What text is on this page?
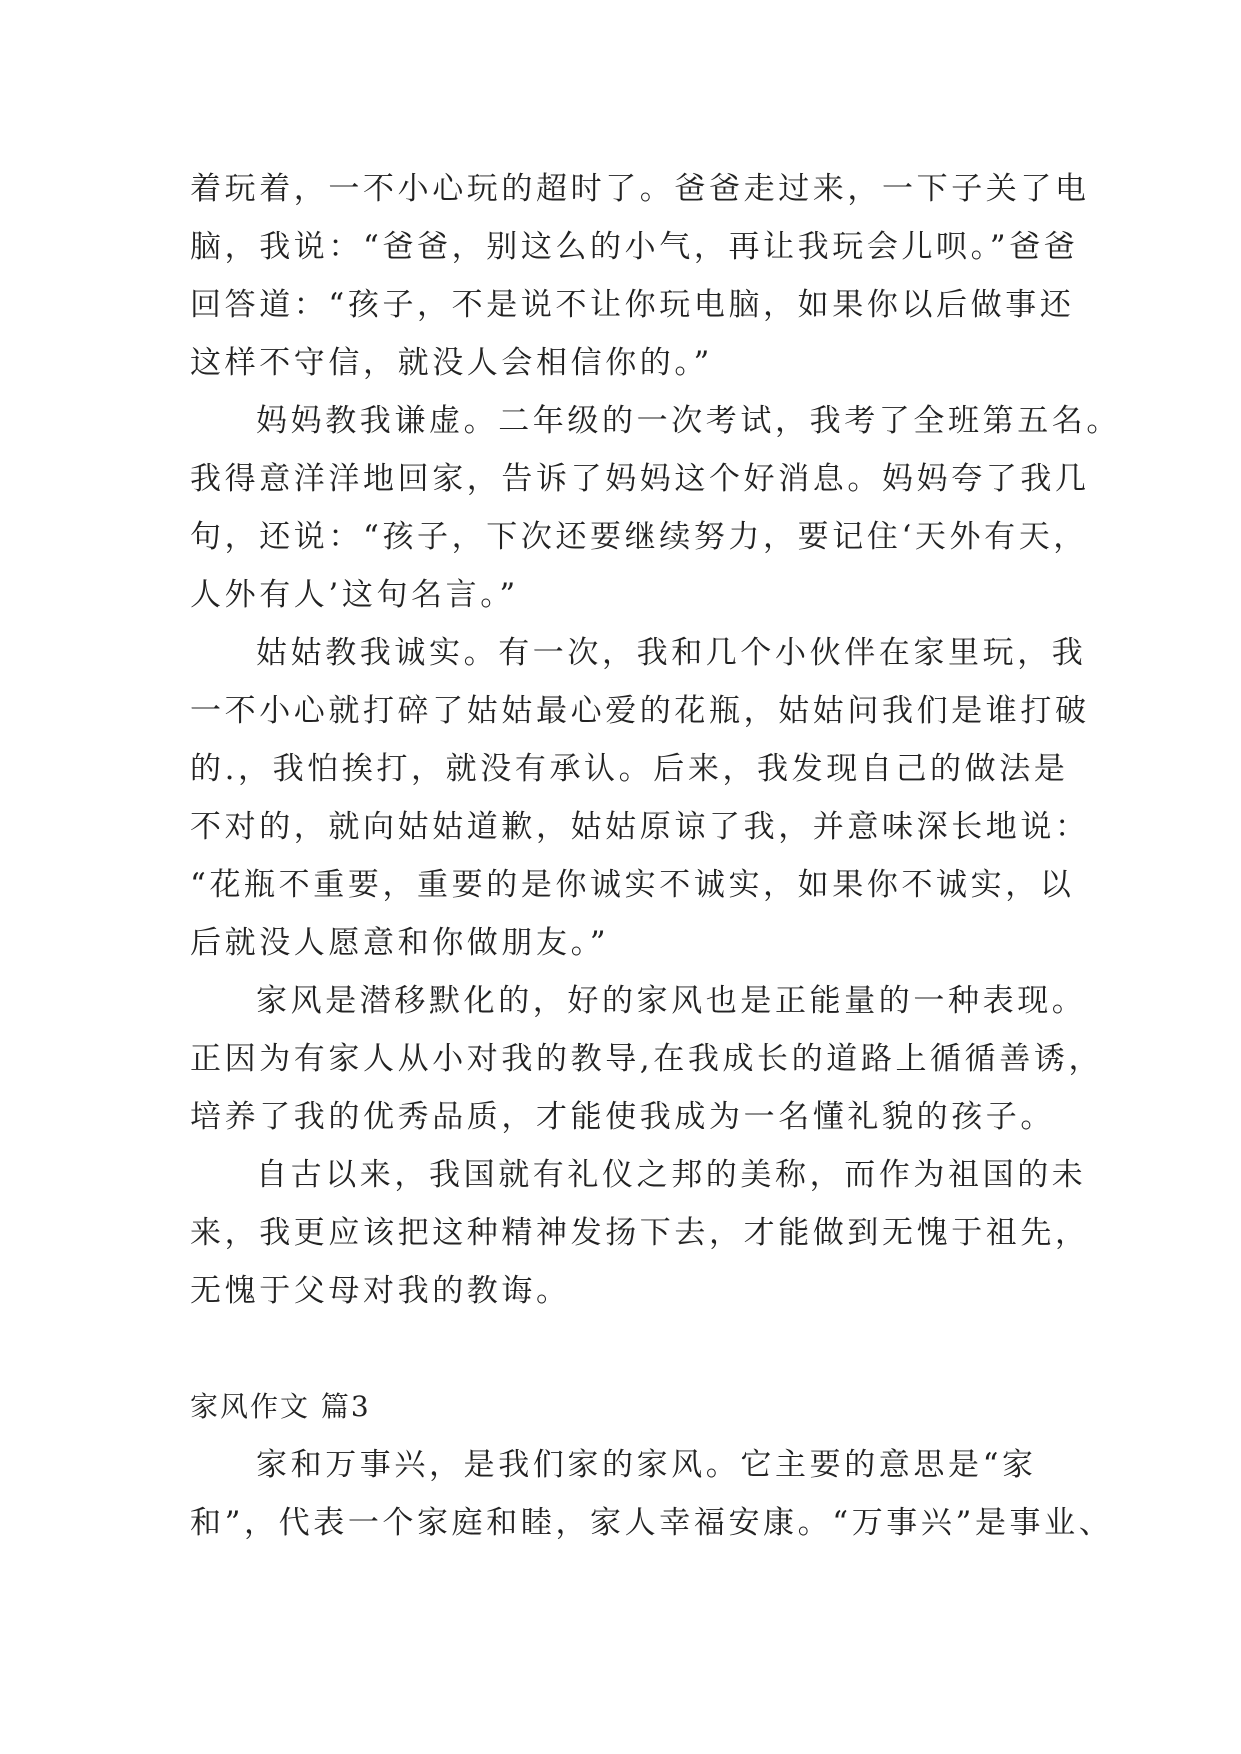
着玩着，一不小心玩的超时了。爸爸走过来，一下子关了电
脑，我说：“爸爸，别这么的小气，再让我玩会儿呗。”爸爸
回答道：“孩子，不是说不让你玩电脑，如果你以后做事还
这样不守信，就没人会相信你的。”
妈妈教我谦虚。二年级的一次考试，我考了全班第五名。
我得意洋洋地回家，告诉了妈妈这个好消息。妈妈夸了我几
句，还说：“孩子，下次还要继续努力，要记住‘天外有天，
人外有人’这句名言。”
姑姑教我诚实。有一次，我和几个小伙伴在家里玩，我
一不小心就打碎了姑姑最心爱的花瓶，姑姑问我们是谁打破
的.，我怕挨打，就没有承认。后来，我发现自己的做法是
不对的，就向姑姑道歉，姑姑原谅了我，并意味深长地说：
“花瓶不重要，重要的是你诚实不诚实，如果你不诚实，以
后就没人愿意和你做朋友。”
家风是潜移默化的，好的家风也是正能量的一种表现。
正因为有家人从小对我的教导,在我成长的道路上循循善诱，
培养了我的优秀品质，才能使我成为一名懂礼貌的孩子。
自古以来，我国就有礼仪之邦的美称，而作为祖国的未
来，我更应该把这种精神发扬下去，才能做到无愧于祖先，
无愧于父母对我的教诲。
家风作文 篇3
家和万事兴，是我们家的家风。它主要的意思是“家
和”，代表一个家庭和睦，家人幸福安康。“万事兴”是事业、
